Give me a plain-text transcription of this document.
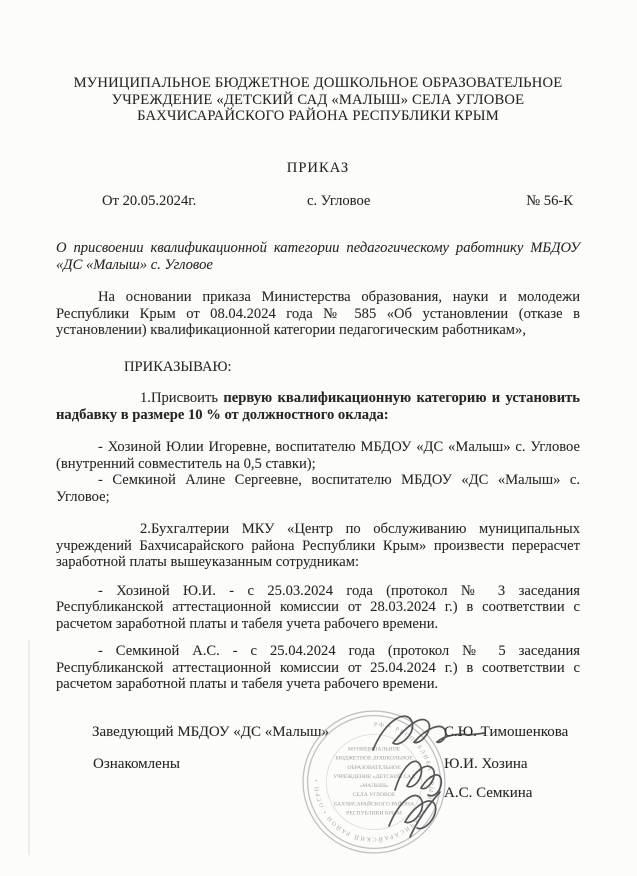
МУНИЦИПАЛЬНОЕ БЮДЖЕТНОЕ ДОШКОЛЬНОЕ ОБРАЗОВАТЕЛЬНОЕ
УЧРЕЖДЕНИЕ «ДЕТСКИЙ САД «МАЛЫШ» СЕЛА УГЛОВОЕ
БАХЧИСАРАЙСКОГО РАЙОНА РЕСПУБЛИКИ КРЫМ
ПРИКАЗ
От 20.05.2024г.	с. Угловое	№ 56-К

О присвоении квалификационной категории педагогическому работнику МБДОУ «ДС «Малыш» с. Угловое

На основании приказа Министерства образования, науки и молодежи Республики Крым от 08.04.2024 года № 585 «Об установлении (отказе в установлении) квалификационной категории педагогическим работникам»,

ПРИКАЗЫВАЮ:

1.Присвоить первую квалификационную категорию и установить надбавку в размере 10 % от должностного оклада:

- Хозиной Юлии Игоревне, воспитателю МБДОУ «ДС «Малыш» с. Угловое (внутренний совместитель на 0,5 ставки);

- Семкиной Алине Сергеевне, воспитателю МБДОУ «ДС «Малыш» с. Угловое;

2.Бухгалтерии МКУ «Центр по обслуживанию муниципальных учреждений Бахчисарайского района Республики Крым» произвести перерасчет заработной платы вышеуказанным сотрудникам:

- Хозиной Ю.И. - с 25.03.2024 года (протокол № 3 заседания Республиканской аттестационной комиссии от 28.03.2024 г.) в соответствии с расчетом заработной платы и табеля учета рабочего времени.

- Семкиной А.С. - с 25.04.2024 года (протокол № 5 заседания Республиканской аттестационной комиссии от 25.04.2024 г.) в соответствии с расчетом заработной платы и табеля учета рабочего времени.

Заведующий МБДОУ «ДС «Малыш»	С.Ю. Тимошенкова
Ознакомлены	Ю.И. Хозина
А.С. Семкина
РФ • РЕСПУБЛИКА КРЫМ • БАХЧИСАРАЙСКИЙ РАЙОН • ОГРН •
МУНИЦИПАЛЬНОЕ
БЮДЖЕТНОЕ ДОШКОЛЬНОЕ
ОБРАЗОВАТЕЛЬНОЕ
УЧРЕЖДЕНИЕ «ДЕТСКИЙ САД
«МАЛЫШ»
СЕЛА УГЛОВОЕ
БАХЧИСАРАЙСКОГО РАЙОНА
РЕСПУБЛИКИ КРЫМ
